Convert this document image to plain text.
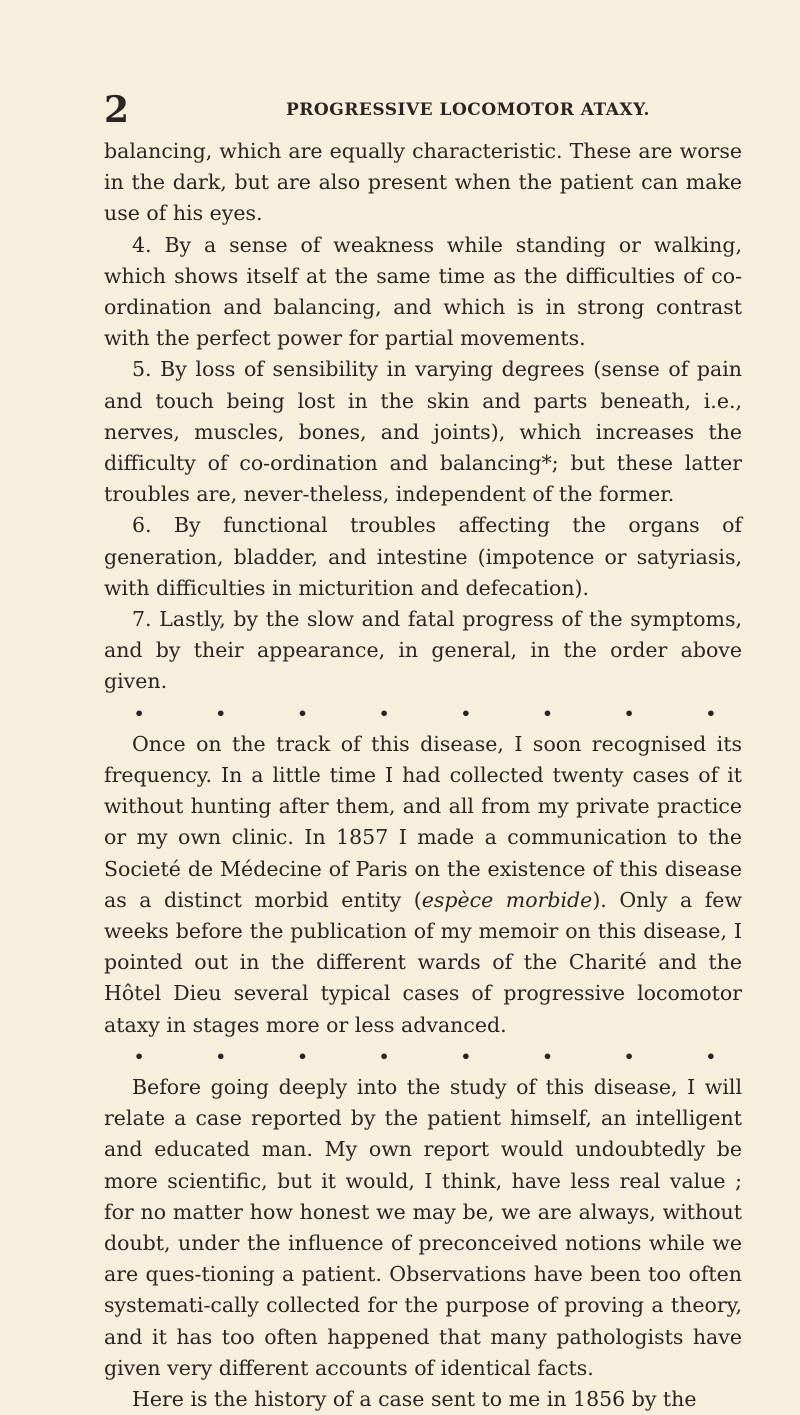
2	PROGRESSIVE LOCOMOTOR ATAXY.

balancing, which are equally characteristic. These are worse in the dark, but are also present when the patient can make use of his eyes.

4. By a sense of weakness while standing or walking, which shows itself at the same time as the difficulties of co-ordination and balancing, and which is in strong contrast with the perfect power for partial movements.

5. By loss of sensibility in varying degrees (sense of pain and touch being lost in the skin and parts beneath, i.e., nerves, muscles, bones, and joints), which increases the difficulty of co-ordination and balancing*; but these latter troubles are, never-theless, independent of the former.

6. By functional troubles affecting the organs of generation, bladder, and intestine (impotence or satyriasis, with difficulties in micturition and defecation).

7. Lastly, by the slow and fatal progress of the symptoms, and by their appearance, in general, in the order above given.

•	•	•	•	•	•	•	•

Once on the track of this disease, I soon recognised its frequency. In a little time I had collected twenty cases of it without hunting after them, and all from my private practice or my own clinic. In 1857 I made a communication to the Societé de Médecine of Paris on the existence of this disease as a distinct morbid entity (espèce morbide). Only a few weeks before the publication of my memoir on this disease, I pointed out in the different wards of the Charité and the Hôtel Dieu several typical cases of progressive locomotor ataxy in stages more or less advanced.

•	•	•	•	•	•	•	•

Before going deeply into the study of this disease, I will relate a case reported by the patient himself, an intelligent and educated man. My own report would undoubtedly be more scientific, but it would, I think, have less real value ; for no matter how honest we may be, we are always, without doubt, under the influence of preconceived notions while we are ques-tioning a patient. Observations have been too often systemati-cally collected for the purpose of proving a theory, and it has too often happened that many pathologists have given very different accounts of identical facts.

Here is the history of a case sent to me in 1856 by the
